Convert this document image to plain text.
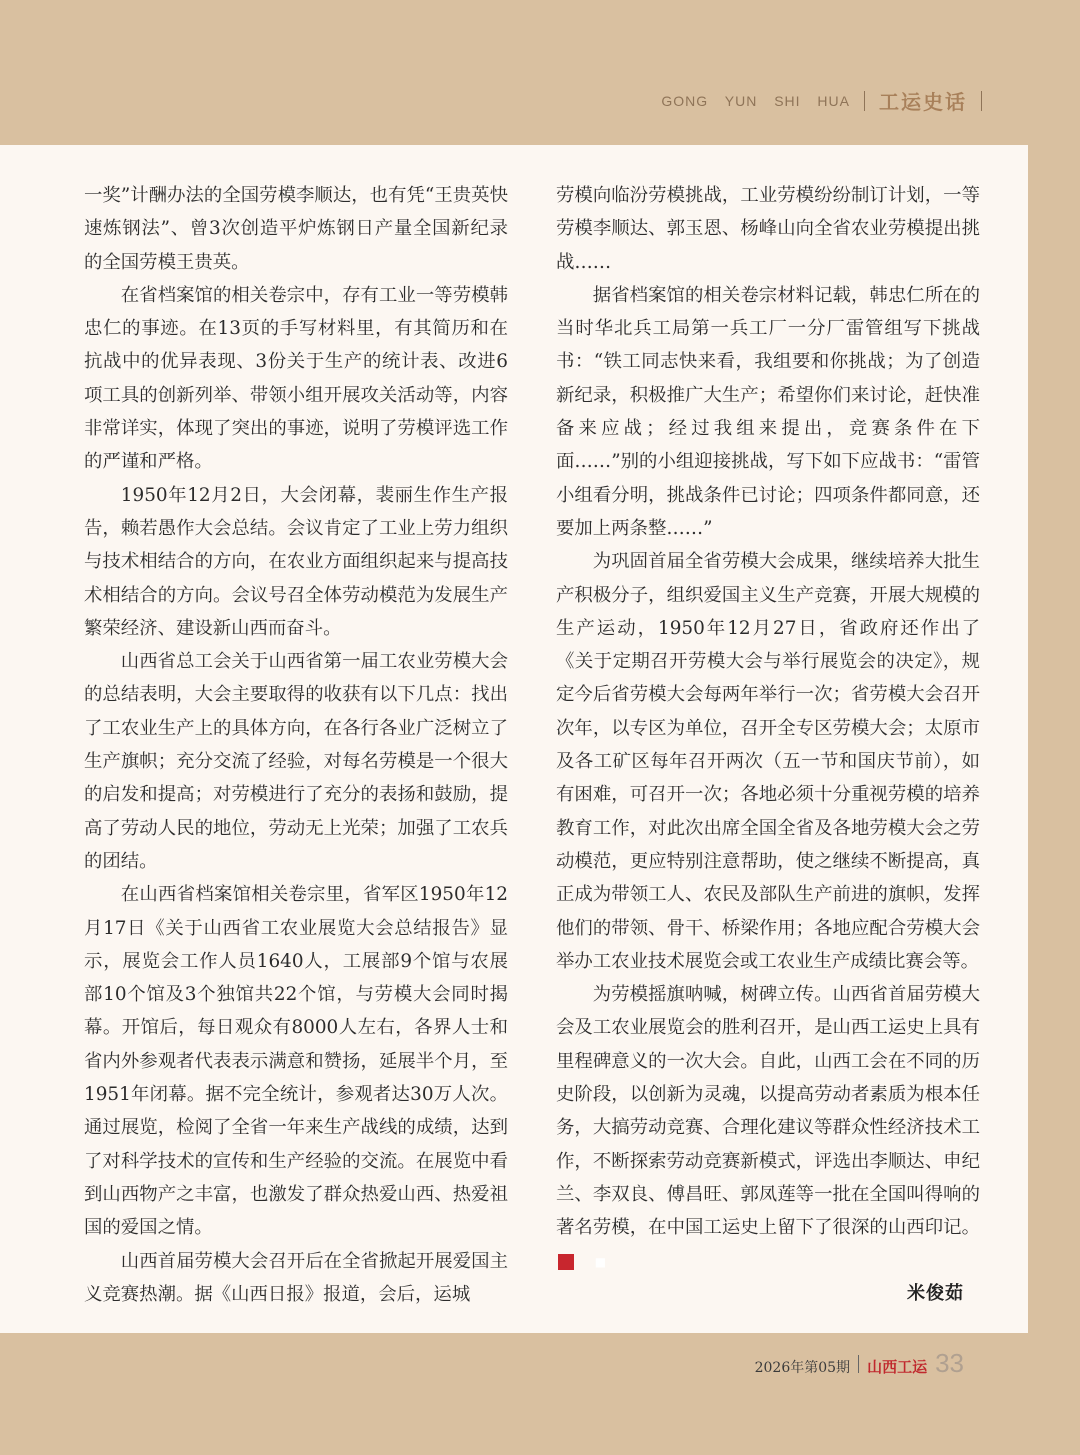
GONG YUN SHI HUA 工运史话

一奖”计酬办法的全国劳模李顺达，也有凭“王贵英快速炼钢法”、曾3次创造平炉炼钢日产量全国新纪录的全国劳模王贵英。

在省档案馆的相关卷宗中，存有工业一等劳模韩忠仁的事迹。在13页的手写材料里，有其简历和在抗战中的优异表现、3份关于生产的统计表、改进6项工具的创新列举、带领小组开展攻关活动等，内容非常详实，体现了突出的事迹，说明了劳模评选工作的严谨和严格。

1950年12月2日，大会闭幕，裴丽生作生产报告，赖若愚作大会总结。会议肯定了工业上劳力组织与技术相结合的方向，在农业方面组织起来与提高技术相结合的方向。会议号召全体劳动模范为发展生产繁荣经济、建设新山西而奋斗。

山西省总工会关于山西省第一届工农业劳模大会的总结表明，大会主要取得的收获有以下几点：找出了工农业生产上的具体方向，在各行各业广泛树立了生产旗帜；充分交流了经验，对每名劳模是一个很大的启发和提高；对劳模进行了充分的表扬和鼓励，提高了劳动人民的地位，劳动无上光荣；加强了工农兵的团结。

在山西省档案馆相关卷宗里，省军区1950年12月17日《关于山西省工农业展览大会总结报告》显示，展览会工作人员1640人，工展部9个馆与农展部10个馆及3个独馆共22个馆，与劳模大会同时揭幕。开馆后，每日观众有8000人左右，各界人士和省内外参观者代表表示满意和赞扬，延展半个月，至1951年闭幕。据不完全统计，参观者达30万人次。通过展览，检阅了全省一年来生产战线的成绩，达到了对科学技术的宣传和生产经验的交流。在展览中看到山西物产之丰富，也激发了群众热爱山西、热爱祖国的爱国之情。

山西首届劳模大会召开后在全省掀起开展爱国主义竞赛热潮。据《山西日报》报道，会后，运城

劳模向临汾劳模挑战，工业劳模纷纷制订计划，一等劳模李顺达、郭玉恩、杨峰山向全省农业劳模提出挑战……

据省档案馆的相关卷宗材料记载，韩忠仁所在的当时华北兵工局第一兵工厂一分厂雷管组写下挑战书：“铁工同志快来看，我组要和你挑战；为了创造新纪录，积极推广大生产；希望你们来讨论，赶快准备来应战；经过我组来提出，竞赛条件在下面……”别的小组迎接挑战，写下如下应战书：“雷管小组看分明，挑战条件已讨论；四项条件都同意，还要加上两条整……”

为巩固首届全省劳模大会成果，继续培养大批生产积极分子，组织爱国主义生产竞赛，开展大规模的生产运动，1950年12月27日，省政府还作出了《关于定期召开劳模大会与举行展览会的决定》，规定今后省劳模大会每两年举行一次；省劳模大会召开次年，以专区为单位，召开全专区劳模大会；太原市及各工矿区每年召开两次（五一节和国庆节前），如有困难，可召开一次；各地必须十分重视劳模的培养教育工作，对此次出席全国全省及各地劳模大会之劳动模范，更应特别注意帮助，使之继续不断提高，真正成为带领工人、农民及部队生产前进的旗帜，发挥他们的带领、骨干、桥梁作用；各地应配合劳模大会举办工农业技术展览会或工农业生产成绩比赛会等。

为劳模摇旗呐喊，树碑立传。山西省首届劳模大会及工农业展览会的胜利召开，是山西工运史上具有里程碑意义的一次大会。自此，山西工会在不同的历史阶段，以创新为灵魂，以提高劳动者素质为根本任务，大搞劳动竞赛、合理化建议等群众性经济技术工作，不断探索劳动竞赛新模式，评选出李顺达、申纪兰、李双良、傅昌旺、郭凤莲等一批在全国叫得响的著名劳模，在中国工运史上留下了很深的山西印记。■

米俊茹
2026年第05期 山西工运 33
